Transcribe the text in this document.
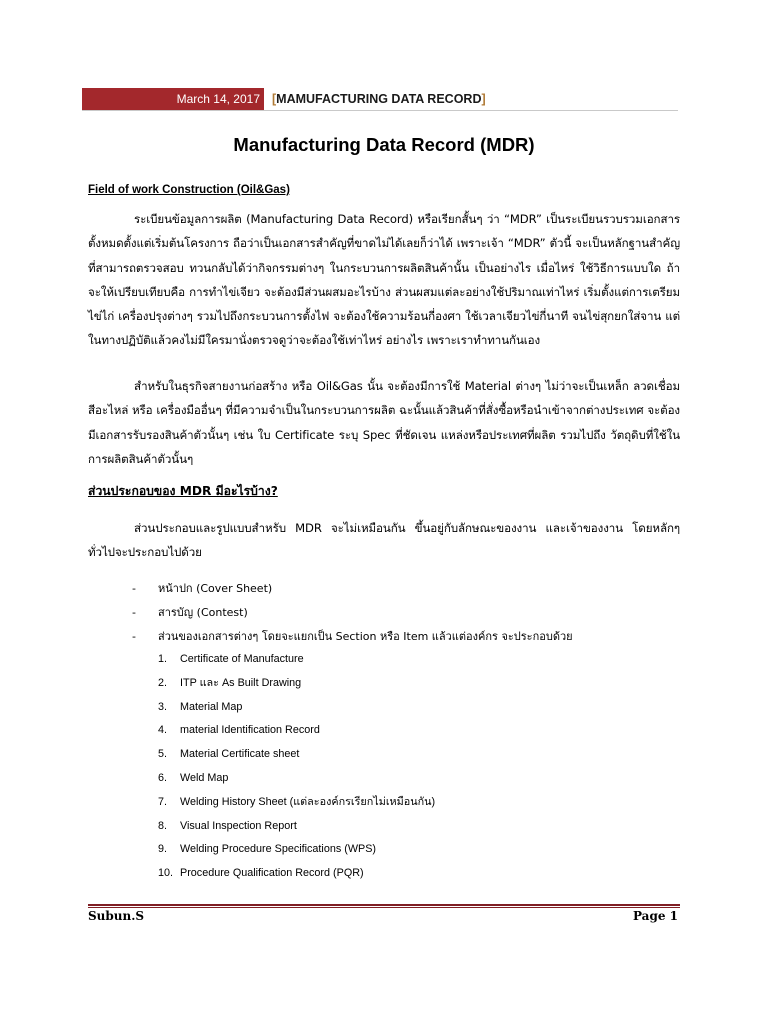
March 14, 2017 [MAMUFACTURING DATA RECORD]
Manufacturing Data Record (MDR)
Field of work Construction (Oil&Gas)
ระเบียนข้อมูลการผลิต (Manufacturing Data Record) หรือเรียกสั้นๆ ว่า “MDR” เป็นระเบียนรวบรวมเอกสารตั้งหมดตั้งแต่เริ่มต้นโครงการ ถือว่าเป็นเอกสารสำคัญที่ขาดไม่ได้เลยก็ว่าได้ เพราะเจ้า “MDR” ตัวนี้ จะเป็นหลักฐานสำคัญ ที่สามารถตรวจสอบ ทวนกลับได้ว่ากิจกรรมต่างๆ ในกระบวนการผลิตสินค้านั้น เป็นอย่างไร เมื่อไหร่ ใช้วิธีการแบบใด ถ้าจะให้เปรียบเทียบคือ การทำไข่เจียว จะต้องมีส่วนผสมอะไรบ้าง ส่วนผสมแต่ละอย่างใช้ปริมาณเท่าไหร่ เริ่มตั้งแต่การเตรียมไข่ไก่ เครื่องปรุงต่างๆ รวมไปถึงกระบวนการตั้งไฟ จะต้องใช้ความร้อนกี่องศา ใช้เวลาเจียวไข่กี่นาที จนไข่สุกยกใส่จาน แต่ในทางปฏิบัติแล้วคงไม่มีใครมานั่งตรวจดูว่าจะต้องใช้เท่าไหร่ อย่างไร เพราะเราทำทานกันเอง
สำหรับในธุรกิจสายงานก่อสร้าง หรือ Oil&Gas นั้น จะต้องมีการใช้ Material ต่างๆ ไม่ว่าจะเป็นเหล็ก ลวดเชื่อม สีอะไหล่ หรือ เครื่องมืออื่นๆ ที่มีความจำเป็นในกระบวนการผลิต ฉะนั้นแล้วสินค้าที่สั่งซื้อหรือนำเข้าจากต่างประเทศ จะต้องมีเอกสารรับรองสินค้าตัวนั้นๆ เช่น ใบ Certificate ระบุ Spec ที่ชัดเจน แหล่งหรือประเทศที่ผลิต รวมไปถึง วัตถุดิบที่ใช้ในการผลิตสินค้าตัวนั้นๆ
ส่วนประกอบของ MDR มีอะไรบ้าง?
ส่วนประกอบและรูปแบบสำหรับ MDR จะไม่เหมือนกัน ขึ้นอยู่กับลักษณะของงาน และเจ้าของงาน โดยหลักๆ ทั่วไปจะประกอบไปด้วย
- หน้าปก (Cover Sheet)
- สารบัญ (Contest)
- ส่วนของเอกสารต่างๆ โดยจะแยกเป็น Section หรือ Item แล้วแต่องค์กร จะประกอบด้วย
1.	Certificate of Manufacture
2.	ITP และ As Built Drawing
3.	Material Map
4.	material Identification Record
5.	Material Certificate sheet
6.	Weld Map
7.	Welding History Sheet (แต่ละองค์กรเรียกไม่เหมือนกัน)
8.	Visual Inspection Report
9.	Welding Procedure Specifications (WPS)
10. Procedure Qualification Record (PQR)
Subun.S	Page 1
